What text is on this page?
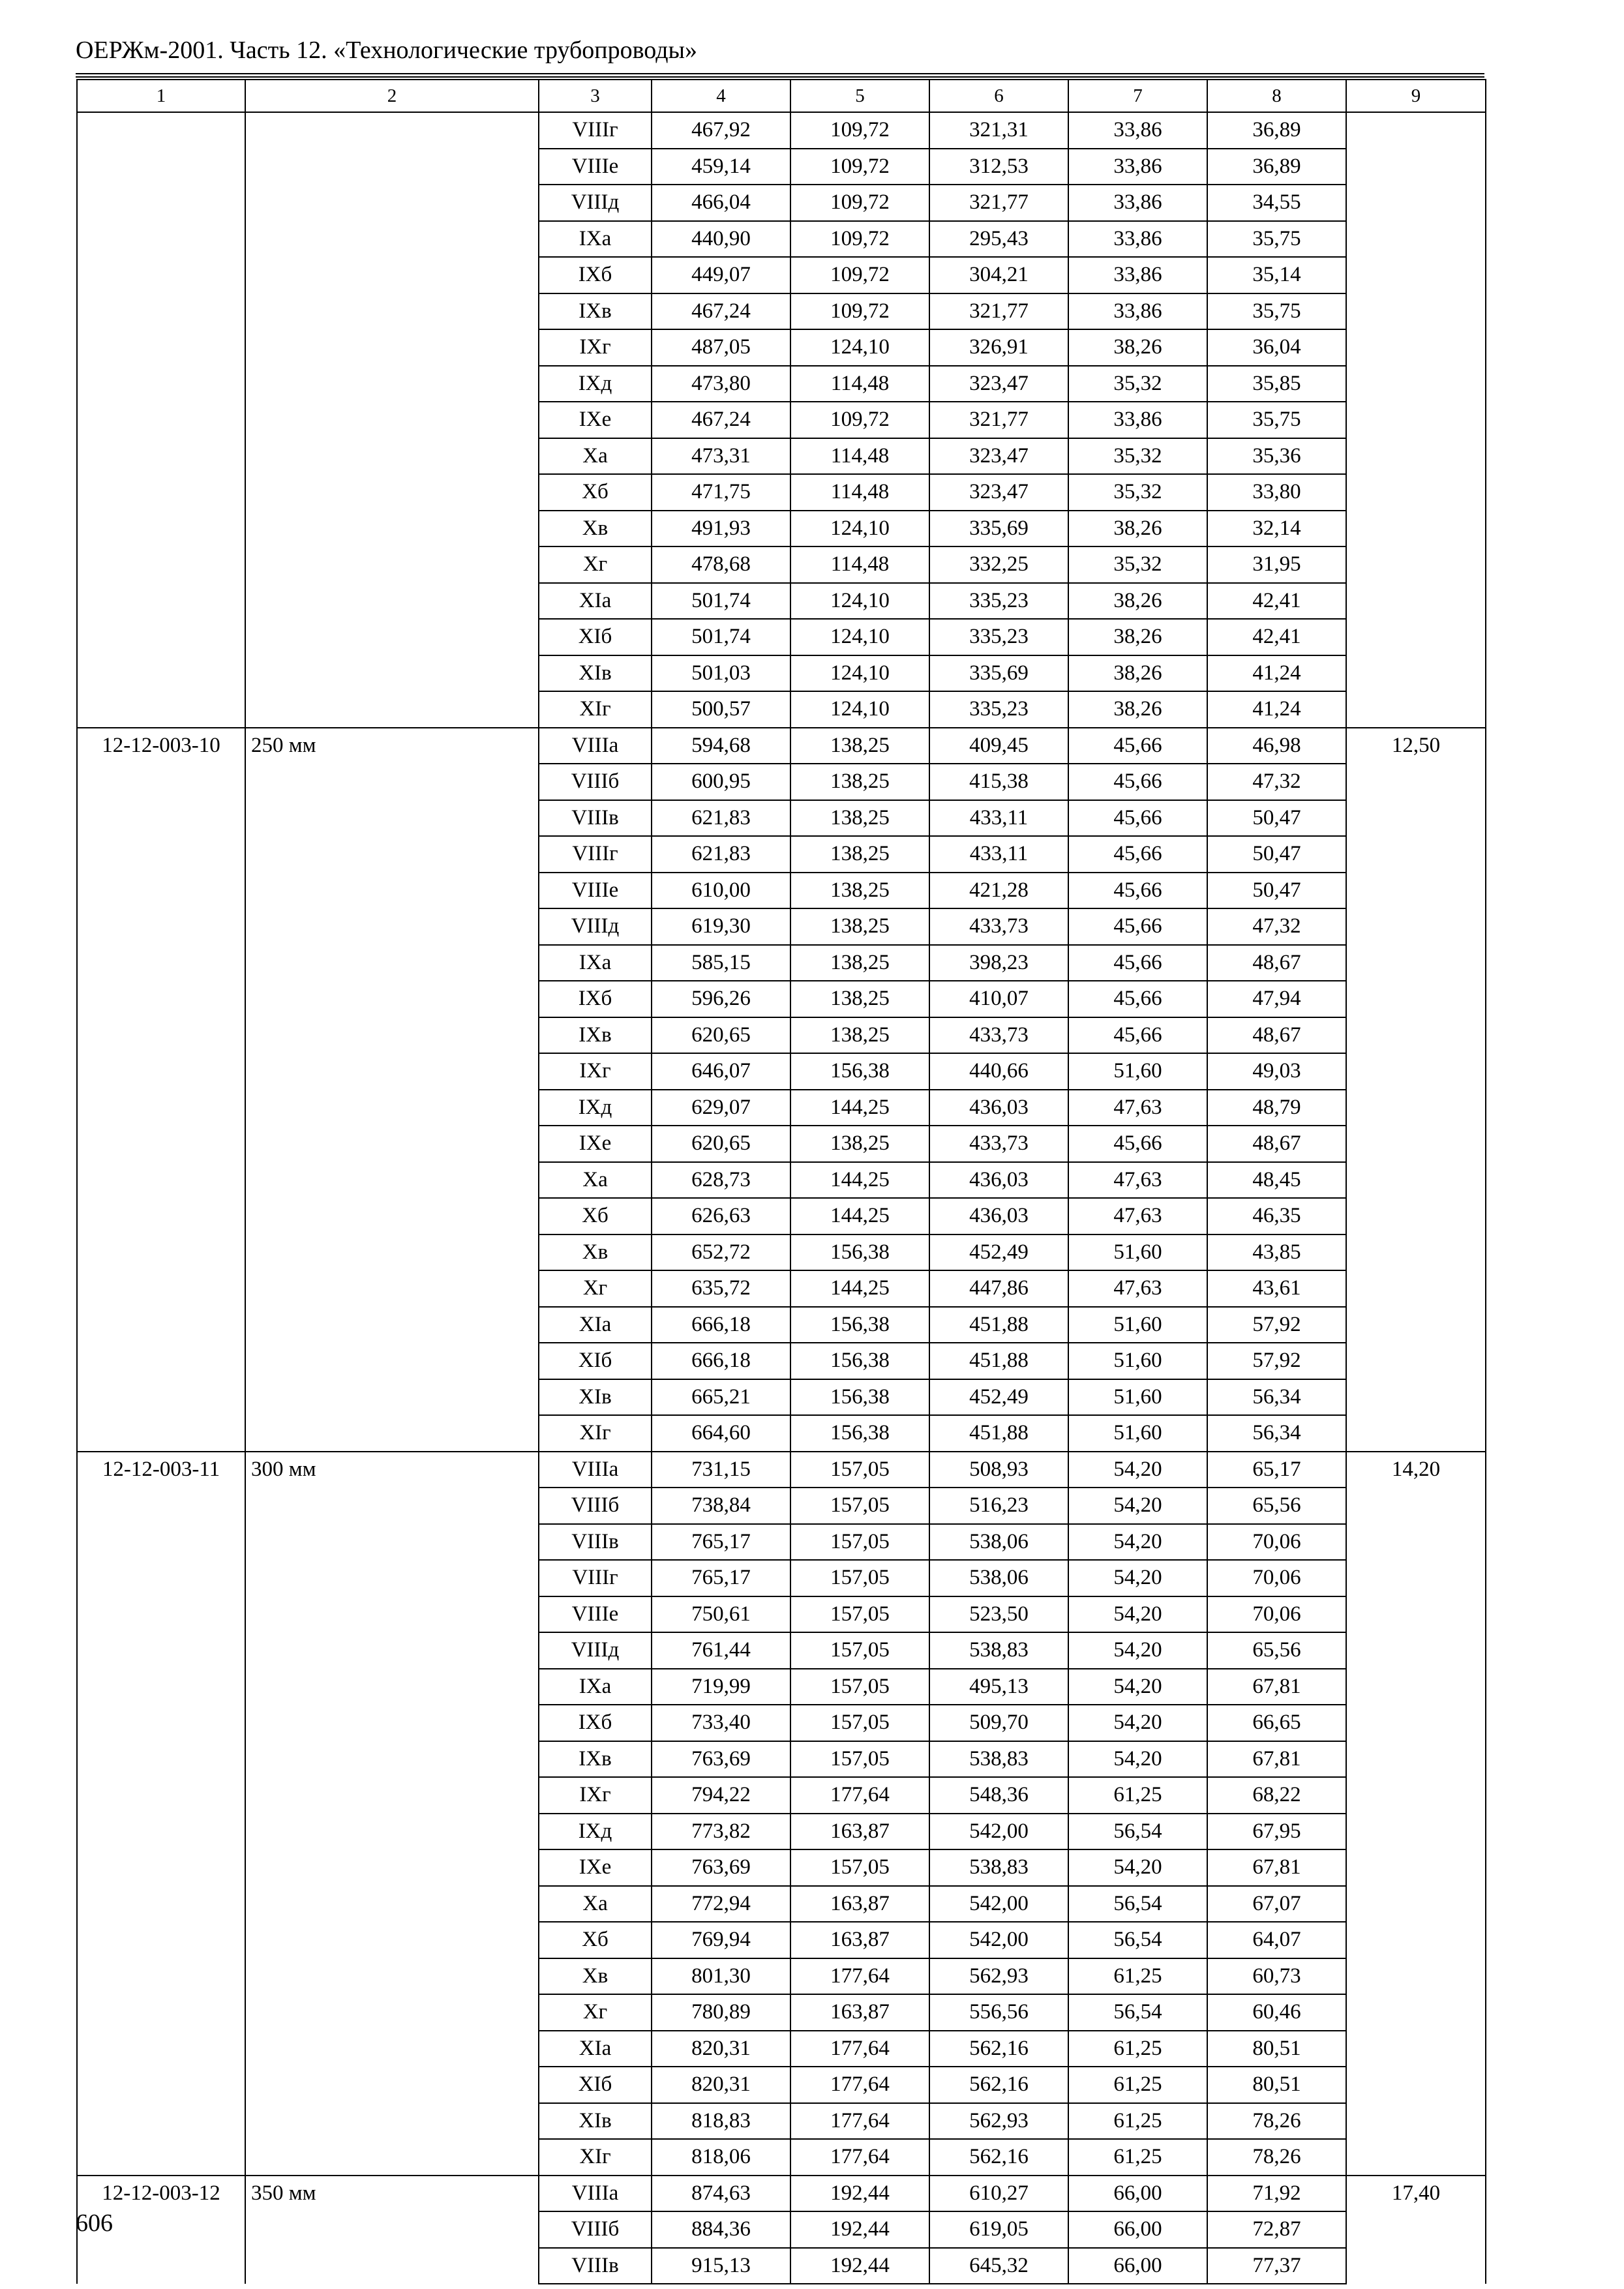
ОЕРЖм-2001. Часть 12. «Технологические трубопроводы»
1	2	3	4	5	6	7	8	9
		VIIIг	467,92	109,72	321,31	33,86	36,89	
		VIIIe	459,14	109,72	312,53	33,86	36,89	
		VIIIд	466,04	109,72	321,77	33,86	34,55	
		IXa	440,90	109,72	295,43	33,86	35,75	
		IXб	449,07	109,72	304,21	33,86	35,14	
		IXв	467,24	109,72	321,77	33,86	35,75	
		IXг	487,05	124,10	326,91	38,26	36,04	
		IXд	473,80	114,48	323,47	35,32	35,85	
		IXe	467,24	109,72	321,77	33,86	35,75	
		Xa	473,31	114,48	323,47	35,32	35,36	
		Xб	471,75	114,48	323,47	35,32	33,80	
		Xв	491,93	124,10	335,69	38,26	32,14	
		Xг	478,68	114,48	332,25	35,32	31,95	
		XIa	501,74	124,10	335,23	38,26	42,41	
		XIб	501,74	124,10	335,23	38,26	42,41	
		XIв	501,03	124,10	335,69	38,26	41,24	
		XIг	500,57	124,10	335,23	38,26	41,24	
12-12-003-10	250 мм	VIIIa	594,68	138,25	409,45	45,66	46,98	12,50
		VIIIб	600,95	138,25	415,38	45,66	47,32	
		VIIIв	621,83	138,25	433,11	45,66	50,47	
		VIIIг	621,83	138,25	433,11	45,66	50,47	
		VIIIe	610,00	138,25	421,28	45,66	50,47	
		VIIIд	619,30	138,25	433,73	45,66	47,32	
		IXa	585,15	138,25	398,23	45,66	48,67	
		IXб	596,26	138,25	410,07	45,66	47,94	
		IXв	620,65	138,25	433,73	45,66	48,67	
		IXг	646,07	156,38	440,66	51,60	49,03	
		IXд	629,07	144,25	436,03	47,63	48,79	
		IXe	620,65	138,25	433,73	45,66	48,67	
		Xa	628,73	144,25	436,03	47,63	48,45	
		Xб	626,63	144,25	436,03	47,63	46,35	
		Xв	652,72	156,38	452,49	51,60	43,85	
		Xг	635,72	144,25	447,86	47,63	43,61	
		XIa	666,18	156,38	451,88	51,60	57,92	
		XIб	666,18	156,38	451,88	51,60	57,92	
		XIв	665,21	156,38	452,49	51,60	56,34	
		XIг	664,60	156,38	451,88	51,60	56,34	
12-12-003-11	300 мм	VIIIa	731,15	157,05	508,93	54,20	65,17	14,20
		VIIIб	738,84	157,05	516,23	54,20	65,56	
		VIIIв	765,17	157,05	538,06	54,20	70,06	
		VIIIг	765,17	157,05	538,06	54,20	70,06	
		VIIIe	750,61	157,05	523,50	54,20	70,06	
		VIIIд	761,44	157,05	538,83	54,20	65,56	
		IXa	719,99	157,05	495,13	54,20	67,81	
		IXб	733,40	157,05	509,70	54,20	66,65	
		IXв	763,69	157,05	538,83	54,20	67,81	
		IXг	794,22	177,64	548,36	61,25	68,22	
		IXд	773,82	163,87	542,00	56,54	67,95	
		IXe	763,69	157,05	538,83	54,20	67,81	
		Xa	772,94	163,87	542,00	56,54	67,07	
		Xб	769,94	163,87	542,00	56,54	64,07	
		Xв	801,30	177,64	562,93	61,25	60,73	
		Xг	780,89	163,87	556,56	56,54	60,46	
		XIa	820,31	177,64	562,16	61,25	80,51	
		XIб	820,31	177,64	562,16	61,25	80,51	
		XIв	818,83	177,64	562,93	61,25	78,26	
		XIг	818,06	177,64	562,16	61,25	78,26	
12-12-003-12	350 мм	VIIIa	874,63	192,44	610,27	66,00	71,92	17,40
		VIIIб	884,36	192,44	619,05	66,00	72,87	
		VIIIв	915,13	192,44	645,32	66,00	77,37	
606
